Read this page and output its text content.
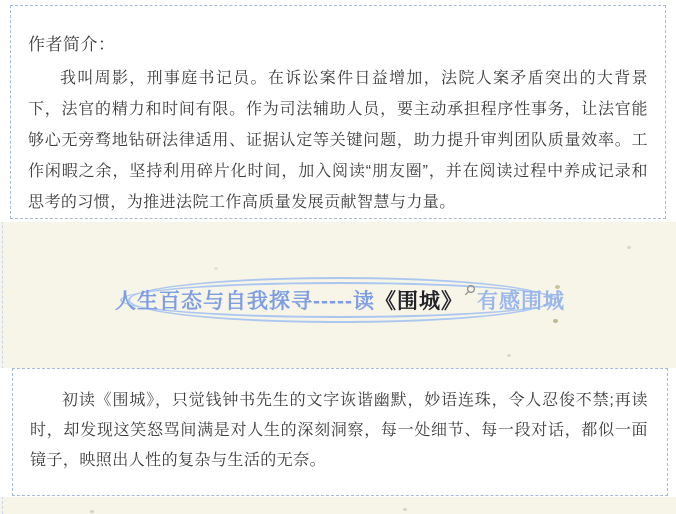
作者简介：

我叫周影，刑事庭书记员。在诉讼案件日益增加，法院人案矛盾突出的大背景下，法官的精力和时间有限。作为司法辅助人员，要主动承担程序性事务，让法官能够心无旁骛地钻研法律适用、证据认定等关键问题，助力提升审判团队质量效率。工作闲暇之余，坚持利用碎片化时间，加入阅读“朋友圈”，并在阅读过程中养成记录和思考的习惯，为推进法院工作高质量发展贡献智慧与力量。

人生百态与自我探寻-----读 《围城》 有感围城

初读《围城》，只觉钱钟书先生的文字诙谐幽默，妙语连珠，令人忍俊不禁;再读时，却发现这笑怒骂间满是对人生的深刻洞察，每一处细节、每一段对话，都似一面镜子，映照出人性的复杂与生活的无奈。
